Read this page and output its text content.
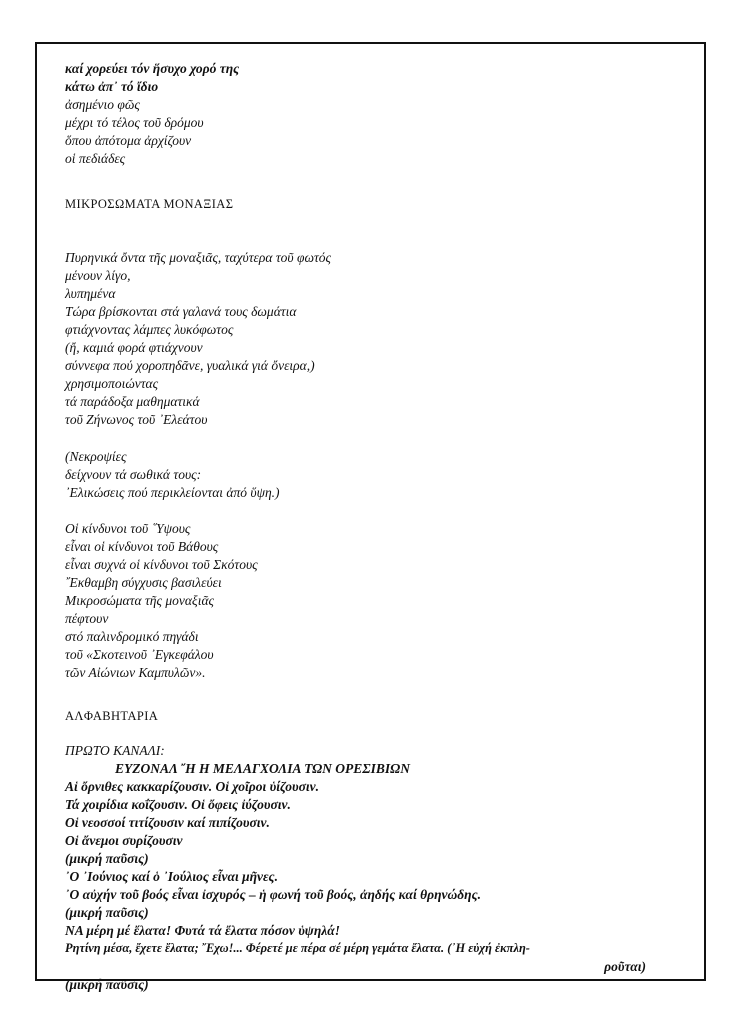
καί χορεύει τόν ἥσυχο χορό της
κάτω ἀπ᾽ τό ἴδιο
ἀσημένιο φῶς
μέχρι τό τέλος τοῦ δρόμου
ὅπου ἀπότομα ἀρχίζουν
οἱ πεδιάδες
ΜΙΚΡΟΣΩΜΑΤΑ ΜΟΝΑΞΙΑΣ
Πυρηνικά ὄντα τῆς μοναξιᾶς, ταχύτερα τοῦ φωτός
μένουν λίγο,
λυπημένα
Τώρα βρίσκονται στά γαλανά τους δωμάτια
φτιάχνοντας λάμπες λυκόφωτος
(ἤ, καμιά φορά φτιάχνουν
σύννεφα πού χοροπηδᾶνε, γυαλικά γιά ὄνειρα,)
χρησιμοποιώντας
τά παράδοξα μαθηματικά
τοῦ Ζήνωνος τοῦ ᾽Ελεάτου
(Νεκροψίες
δείχνουν τά σωθικά τους:
᾽Ελικώσεις πού περικλείονται ἀπό ὕψη.)
Οἱ κίνδυνοι τοῦ ῞Υψους
εἶναι οἱ κίνδυνοι τοῦ Βάθους
εἶναι συχνά οἱ κίνδυνοι τοῦ Σκότους
῎Εκθαμβη σύγχυσις βασιλεύει
Μικροσώματα τῆς μοναξιᾶς
πέφτουν
στό παλινδρομικό πηγάδι
τοῦ «Σκοτεινοῦ ᾽Εγκεφάλου
τῶν Αἰώνιων Καμπυλῶν».
ΑΛΦΑΒΗΤΑΡΙΑ
ΠΡΩΤΟ ΚΑΝΑΛΙ:
ΕΥΖΟΝΑΛ ῎Η Η ΜΕΛΑΓΧΟΛΙΑ ΤΩΝ ΟΡΕΣΙΒΙΩΝ
Αἱ ὄρνιθες κακκαρίζουσιν. Οἱ χοῖροι ὑίζουσιν.
Τά χοιρίδια κοΐζουσιν. Οἱ ὄφεις ἰύζουσιν.
Οἱ νεοσσοί τιτίζουσιν καί πιπίζουσιν.
Οἱ ἄνεμοι συρίζουσιν
(μικρή παῦσις)
᾽Ο ᾽Ιούνιος καί ὁ ᾽Ιούλιος εἶναι μῆνες.
᾽Ο αὐχήν τοῦ βοός εἶναι ἰσχυρός – ἡ φωνή τοῦ βοός, ἀηδής καί θρηνώδης.
(μικρή παῦσις)
ΝΑ μέρη μέ ἔλατα! Φυτά τά ἔλατα πόσον ὑψηλά!
Ρητίνη μέσα, ἔχετε ἔλατα; ῎Εχω!... Φέρετέ με πέρα σέ μέρη γεμάτα ἔλατα. (᾽Η εὐχή ἐκπλη-
ροῦται)
(μικρή παῦσις)
